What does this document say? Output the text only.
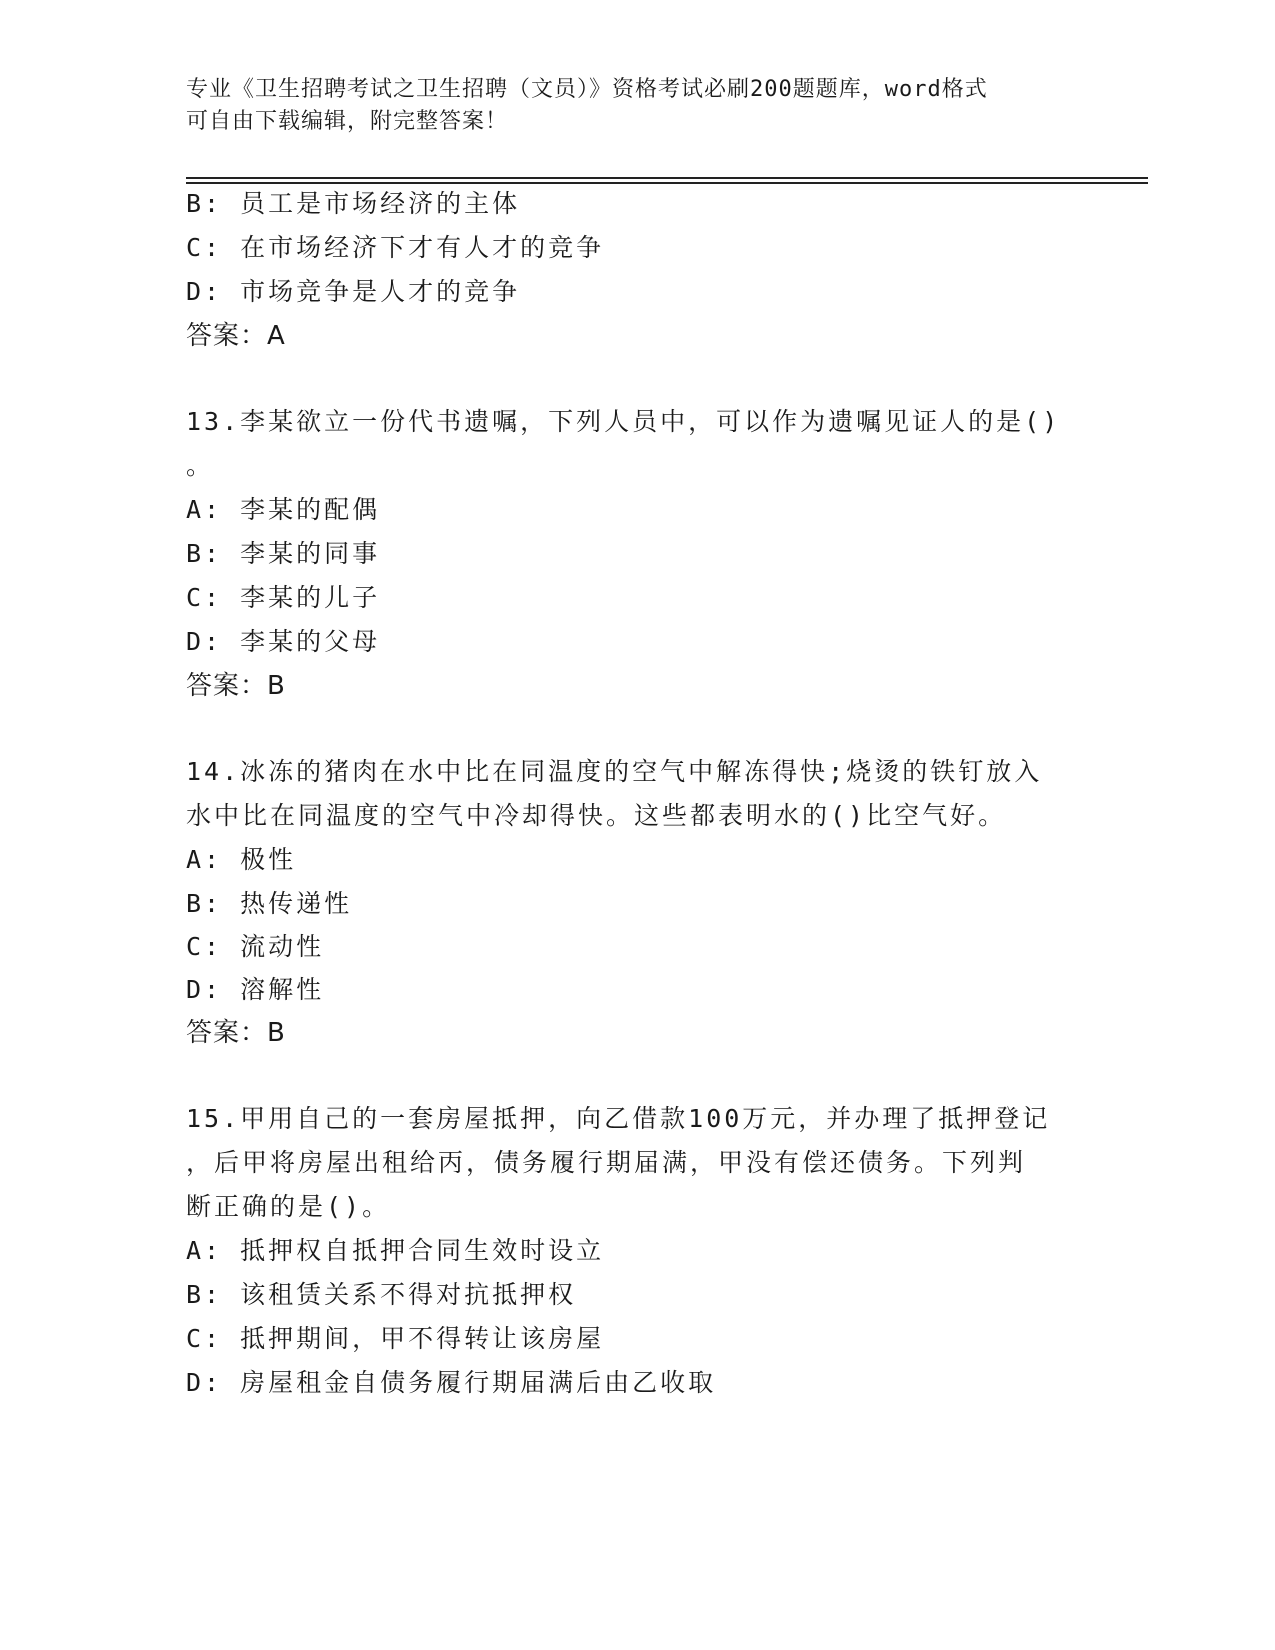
专业《卫生招聘考试之卫生招聘（文员）》资格考试必刷200题题库，word格式
可自由下载编辑，附完整答案！
B: 员工是市场经济的主体
C: 在市场经济下才有人才的竞争
D: 市场竞争是人才的竞争
答案：A
13.李某欲立一份代书遗嘱，下列人员中，可以作为遗嘱见证人的是()
。
A: 李某的配偶
B: 李某的同事
C: 李某的儿子
D: 李某的父母
答案：B
14.冰冻的猪肉在水中比在同温度的空气中解冻得快;烧烫的铁钉放入
水中比在同温度的空气中冷却得快。这些都表明水的()比空气好。
A: 极性
B: 热传递性
C: 流动性
D: 溶解性
答案：B
15.甲用自己的一套房屋抵押，向乙借款100万元，并办理了抵押登记
，后甲将房屋出租给丙，债务履行期届满，甲没有偿还债务。下列判
断正确的是()。
A: 抵押权自抵押合同生效时设立
B: 该租赁关系不得对抗抵押权
C: 抵押期间，甲不得转让该房屋
D: 房屋租金自债务履行期届满后由乙收取
